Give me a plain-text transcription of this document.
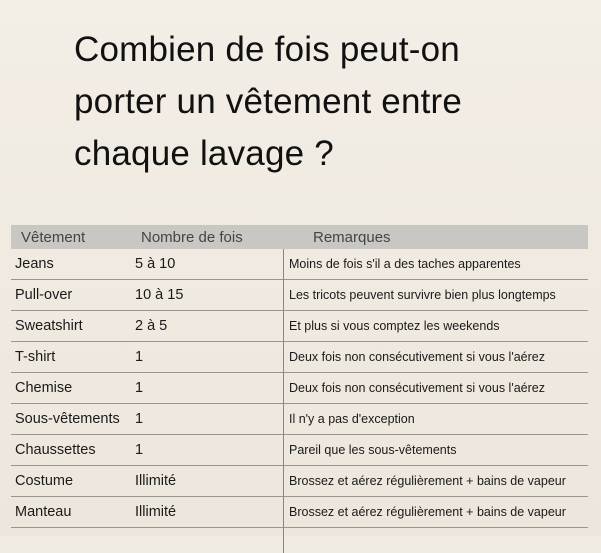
Combien de fois peut-on porter un vêtement entre chaque lavage ?
Vêtement	Nombre de fois	Remarques
Jeans	5 à 10	Moins de fois s'il a des taches apparentes
Pull-over	10 à 15	Les tricots peuvent survivre bien plus longtemps
Sweatshirt	2 à 5	Et plus si vous comptez les weekends
T-shirt	1	Deux fois non consécutivement si vous l'aérez
Chemise	1	Deux fois non consécutivement si vous l'aérez
Sous-vêtements	1	Il n'y a pas d'exception
Chaussettes	1	Pareil que les sous-vêtements
Costume	Illimité	Brossez et aérez régulièrement + bains de vapeur
Manteau	Illimité	Brossez et aérez régulièrement + bains de vapeur
